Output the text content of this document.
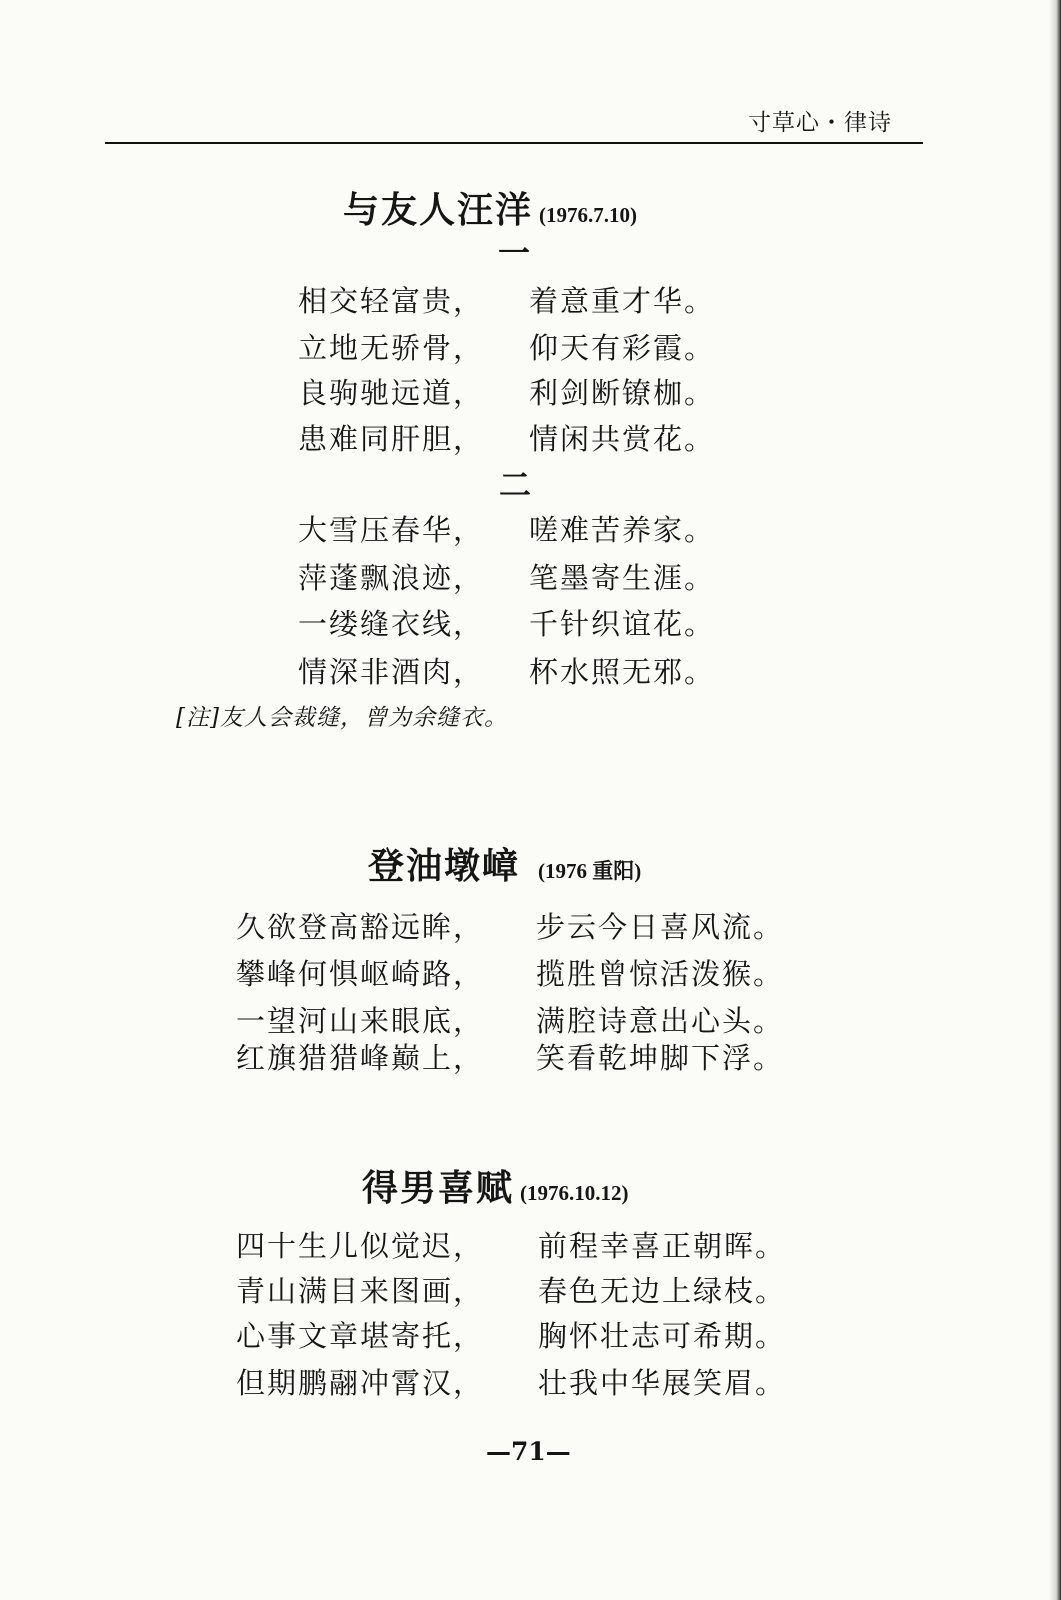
寸草心・律诗
与友人汪洋 (1976.7.10)
一
相交轻富贵， 着意重才华。
立地无骄骨， 仰天有彩霞。
良驹驰远道， 利剑断镣枷。
患难同肝胆， 情闲共赏花。
二
大雪压春华， 嗟难苦养家。
萍蓬飘浪迹， 笔墨寄生涯。
一缕缝衣线， 千针织谊花。
情深非酒肉， 杯水照无邪。
[注]友人会裁缝，曾为余缝衣。
登油墩嶂 (1976 重阳)
久欲登高豁远眸， 步云今日喜风流。
攀峰何惧岖崎路， 揽胜曾惊活泼猴。
一望河山来眼底， 满腔诗意出心头。
红旗猎猎峰巅上， 笑看乾坤脚下浮。
得男喜赋 (1976.10.12)
四十生儿似觉迟， 前程幸喜正朝晖。
青山满目来图画， 春色无边上绿枝。
心事文章堪寄托， 胸怀壮志可希期。
但期鹏翮冲霄汉， 壮我中华展笑眉。
—71—
